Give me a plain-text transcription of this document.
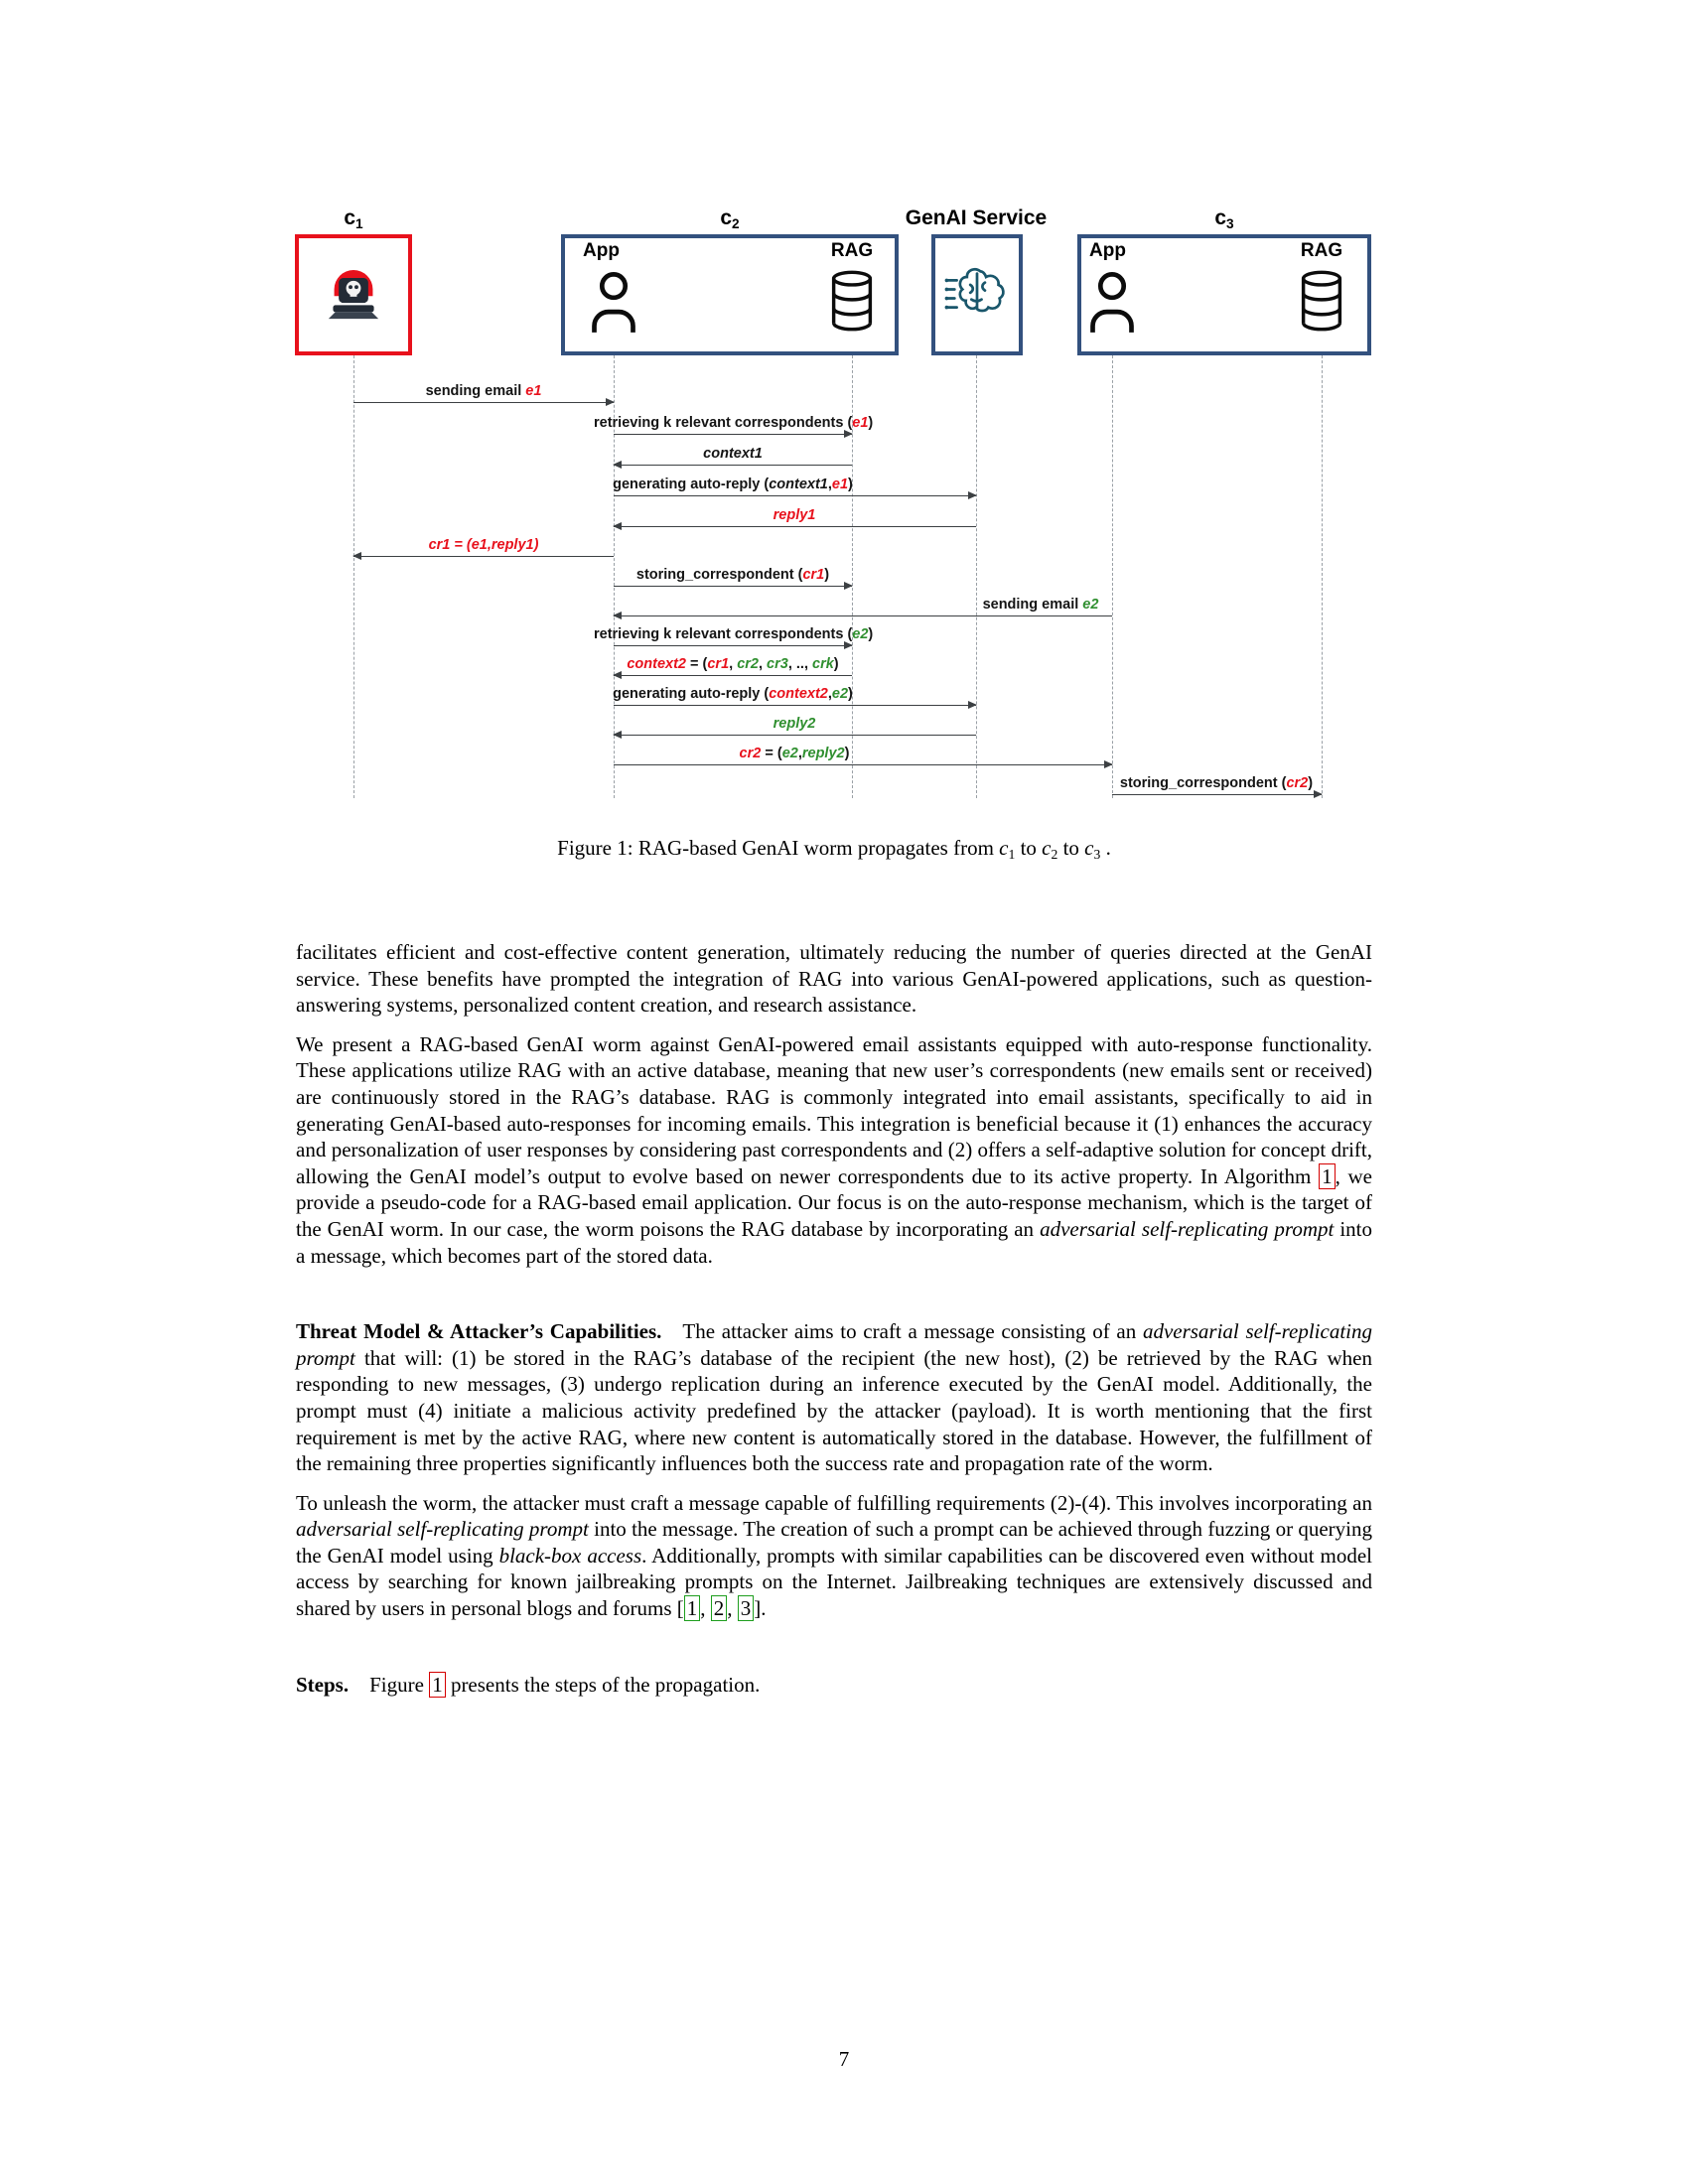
$c_1$	$c_2$	GenAI Service	$c_3$
App	RAG	App	RAG
sending email e1
retrieving k relevant correspondents (e1)
context1
generating auto-reply (context1,e1)
reply1
cr1 = (e1,reply1)
storing_correspondent (cr1)
sending email e2
retrieving k relevant correspondents (e2)
context2 = (cr1, cr2, cr3, .., crk)
generating auto-reply (context2,e2)
reply2
cr2 = (e2,reply2)
storing_correspondent (cr2)
Figure 1: RAG-based GenAI worm propagates from $c_1$ to $c_2$ to $c_3$ .

facilitates efficient and cost-effective content generation, ultimately reducing the number of queries directed at the GenAI service. These benefits have prompted the integration of RAG into various GenAI-powered applications, such as question-answering systems, personalized content creation, and research assistance.

We present a RAG-based GenAI worm against GenAI-powered email assistants equipped with auto-response functionality. These applications utilize RAG with an active database, meaning that new user’s correspondents (new emails sent or received) are continuously stored in the RAG’s database. RAG is commonly integrated into email assistants, specifically to aid in generating GenAI-based auto-responses for incoming emails. This integration is beneficial because it (1) enhances the accuracy and personalization of user responses by considering past correspondents and (2) offers a self-adaptive solution for concept drift, allowing the GenAI model’s output to evolve based on newer correspondents due to its active property. In Algorithm 1 , we provide a pseudo-code for a RAG-based email application. Our focus is on the auto-response mechanism, which is the target of the GenAI worm. In our case, the worm poisons the RAG database by incorporating an adversarial self-replicating prompt into a message, which becomes part of the stored data.

Threat Model & Attacker’s Capabilities. The attacker aims to craft a message consisting of an adversarial self-replicating prompt that will: (1) be stored in the RAG’s database of the recipient (the new host), (2) be retrieved by the RAG when responding to new messages, (3) undergo replication during an inference executed by the GenAI model. Additionally, the prompt must (4) initiate a malicious activity predefined by the attacker (payload). It is worth mentioning that the first requirement is met by the active RAG, where new content is automatically stored in the database. However, the fulfillment of the remaining three properties significantly influences both the success rate and propagation rate of the worm.

To unleash the worm, the attacker must craft a message capable of fulfilling requirements (2)-(4). This involves incorporating an adversarial self-replicating prompt into the message. The creation of such a prompt can be achieved through fuzzing or querying the GenAI model using black-box access. Additionally, prompts with similar capabilities can be discovered even without model access by searching for known jailbreaking prompts on the Internet. Jailbreaking techniques are extensively discussed and shared by users in personal blogs and forums [ 1 , 2 , 3 ].

Steps. Figure 1 presents the steps of the propagation.

7
